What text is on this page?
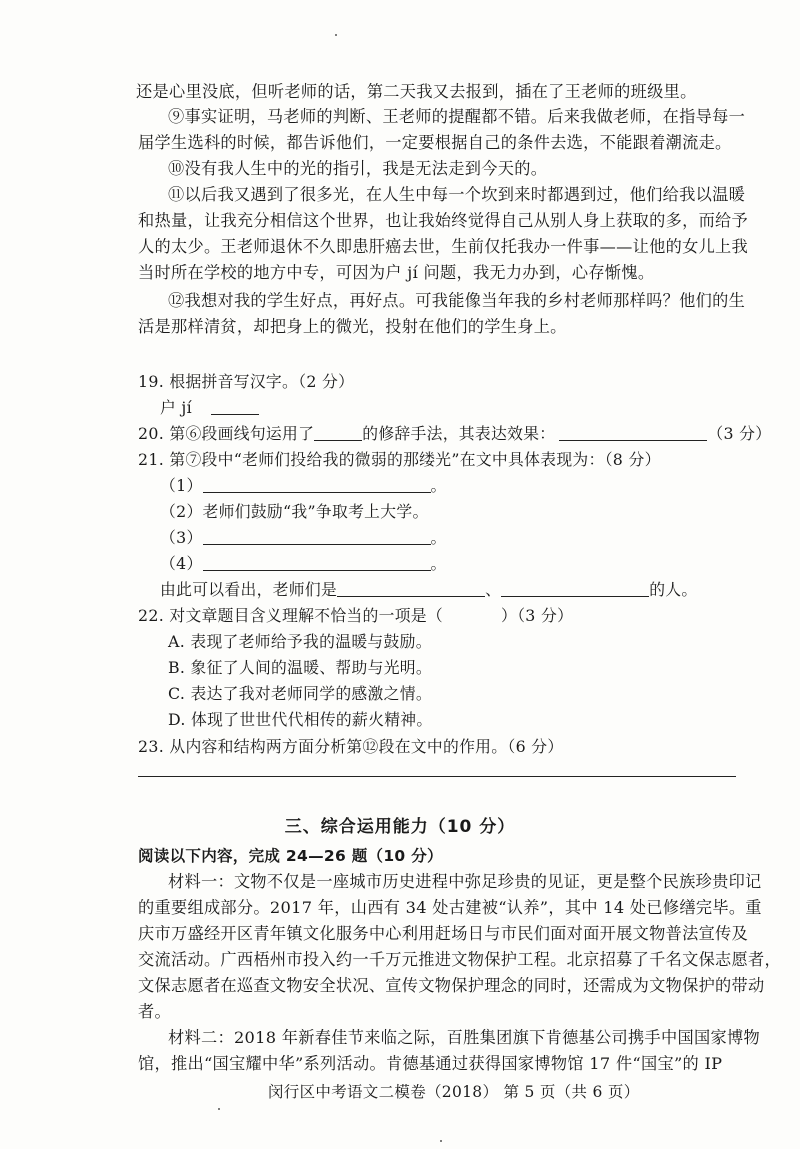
还是心里没底，但听老师的话，第二天我又去报到，插在了王老师的班级里。
⑨事实证明，马老师的判断、王老师的提醒都不错。后来我做老师，在指导每一
届学生选科的时候，都告诉他们，一定要根据自己的条件去选，不能跟着潮流走。
⑩没有我人生中的光的指引，我是无法走到今天的。
⑪以后我又遇到了很多光，在人生中每一个坎到来时都遇到过，他们给我以温暖
和热量，让我充分相信这个世界，也让我始终觉得自己从别人身上获取的多，而给予
人的太少。王老师退休不久即患肝癌去世，生前仅托我办一件事——让他的女儿上我
当时所在学校的地方中专，可因为户 jí 问题，我无力办到，心存惭愧。
⑫我想对我的学生好点，再好点。可我能像当年我的乡村老师那样吗？他们的生
活是那样清贫，却把身上的微光，投射在他们的学生身上。
19. 根据拼音写汉字。（2 分）
户 jí
20. 第⑥段画线句运用了	的修辞手法，其表达效果：	（3 分）
21. 第⑦段中“老师们投给我的微弱的那缕光”在文中具体表现为：（8 分）
（1）	。
（2）老师们鼓励“我”争取考上大学。
（3）	。
（4）	。
由此可以看出，老师们是	、	的人。
22. 对文章题目含义理解不恰当的一项是（	）（3 分）
A. 表现了老师给予我的温暖与鼓励。
B. 象征了人间的温暖、帮助与光明。
C. 表达了我对老师同学的感激之情。
D. 体现了世世代代相传的薪火精神。
23. 从内容和结构两方面分析第⑫段在文中的作用。（6 分）
三、综合运用能力（10 分）
阅读以下内容，完成 24—26 题（10 分）
材料一：文物不仅是一座城市历史进程中弥足珍贵的见证，更是整个民族珍贵印记
的重要组成部分。2017 年，山西有 34 处古建被“认养”，其中 14 处已修缮完毕。重
庆市万盛经开区青年镇文化服务中心利用赶场日与市民们面对面开展文物普法宣传及
交流活动。广西梧州市投入约一千万元推进文物保护工程。北京招募了千名文保志愿者，
文保志愿者在巡查文物安全状况、宣传文物保护理念的同时，还需成为文物保护的带动
者。
材料二：2018 年新春佳节来临之际，百胜集团旗下肯德基公司携手中国国家博物
馆，推出“国宝耀中华”系列活动。肯德基通过获得国家博物馆 17 件“国宝”的 IP
闵行区中考语文二模卷（2018） 第 5 页（共 6 页）
